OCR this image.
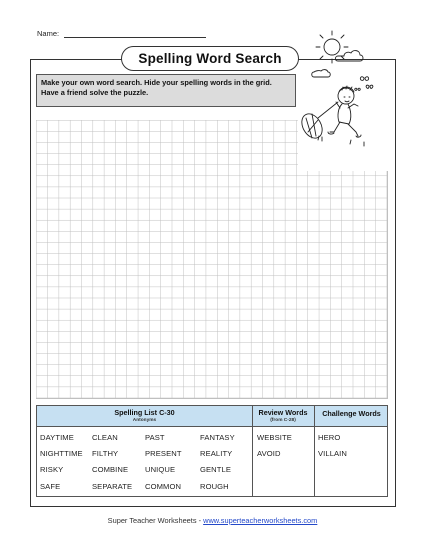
Name:
Spelling Word Search
Make your own word search. Hide your spelling words in the grid. Have a friend solve the puzzle.
Spelling List C-30
Antonyms
Review Words
(from C-28)
Challenge Words
DAYTIME
NIGHTTIME
RISKY
SAFE
CLEAN
FILTHY
COMBINE
SEPARATE
PAST
PRESENT
UNIQUE
COMMON
FANTASY
REALITY
GENTLE
ROUGH
WEBSITE
AVOID
HERO
VILLAIN
Super Teacher Worksheets - www.superteacherworksheets.com
